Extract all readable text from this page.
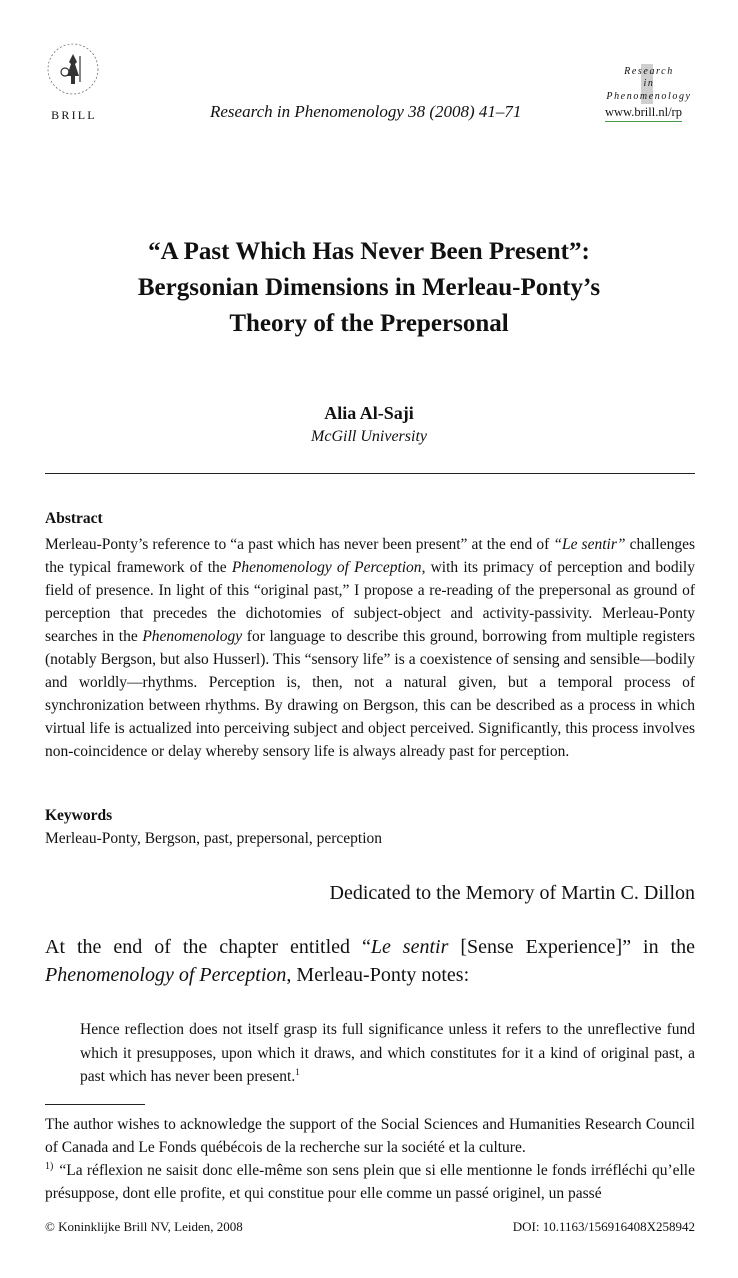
BRILL	Research in Phenomenology 38 (2008) 41–71
Research
in
Phenomenology
www.brill.nl/rp
“A Past Which Has Never Been Present”:
Bergsonian Dimensions in Merleau-Ponty’s
Theory of the Prepersonal
Alia Al-Saji
McGill University
Abstract
Merleau-Ponty’s reference to “a past which has never been present” at the end of “Le sentir” challenges the typical framework of the Phenomenology of Perception, with its primacy of perception and bodily field of presence. In light of this “original past,” I propose a re-reading of the prepersonal as ground of perception that precedes the dichotomies of subject-object and activity-passivity. Merleau-Ponty searches in the Phenomenology for language to describe this ground, borrowing from multiple registers (notably Bergson, but also Husserl). This “sensory life” is a coexistence of sensing and sensible—bodily and worldly—rhythms. Perception is, then, not a natural given, but a temporal process of synchronization between rhythms. By drawing on Bergson, this can be described as a process in which virtual life is actualized into perceiving subject and object perceived. Significantly, this process involves non-coincidence or delay whereby sensory life is always already past for perception.
Keywords
Merleau-Ponty, Bergson, past, prepersonal, perception
Dedicated to the Memory of Martin C. Dillon
At the end of the chapter entitled “Le sentir [Sense Experience]” in the Phenomenology of Perception, Merleau-Ponty notes:
Hence reflection does not itself grasp its full significance unless it refers to the unreflective fund which it presupposes, upon which it draws, and which constitutes for it a kind of original past, a past which has never been present.$^1$

The author wishes to acknowledge the support of the Social Sciences and Humanities Research Council of Canada and Le Fonds québécois de la recherche sur la société et la culture.

$^{1)}$ “La réflexion ne saisit donc elle-même son sens plein que si elle mentionne le fonds irréfléchi qu’elle présuppose, dont elle profite, et qui constitue pour elle comme un passé originel, un passé

© Koninklijke Brill NV, Leiden, 2008	DOI: 10.1163/156916408X258942
